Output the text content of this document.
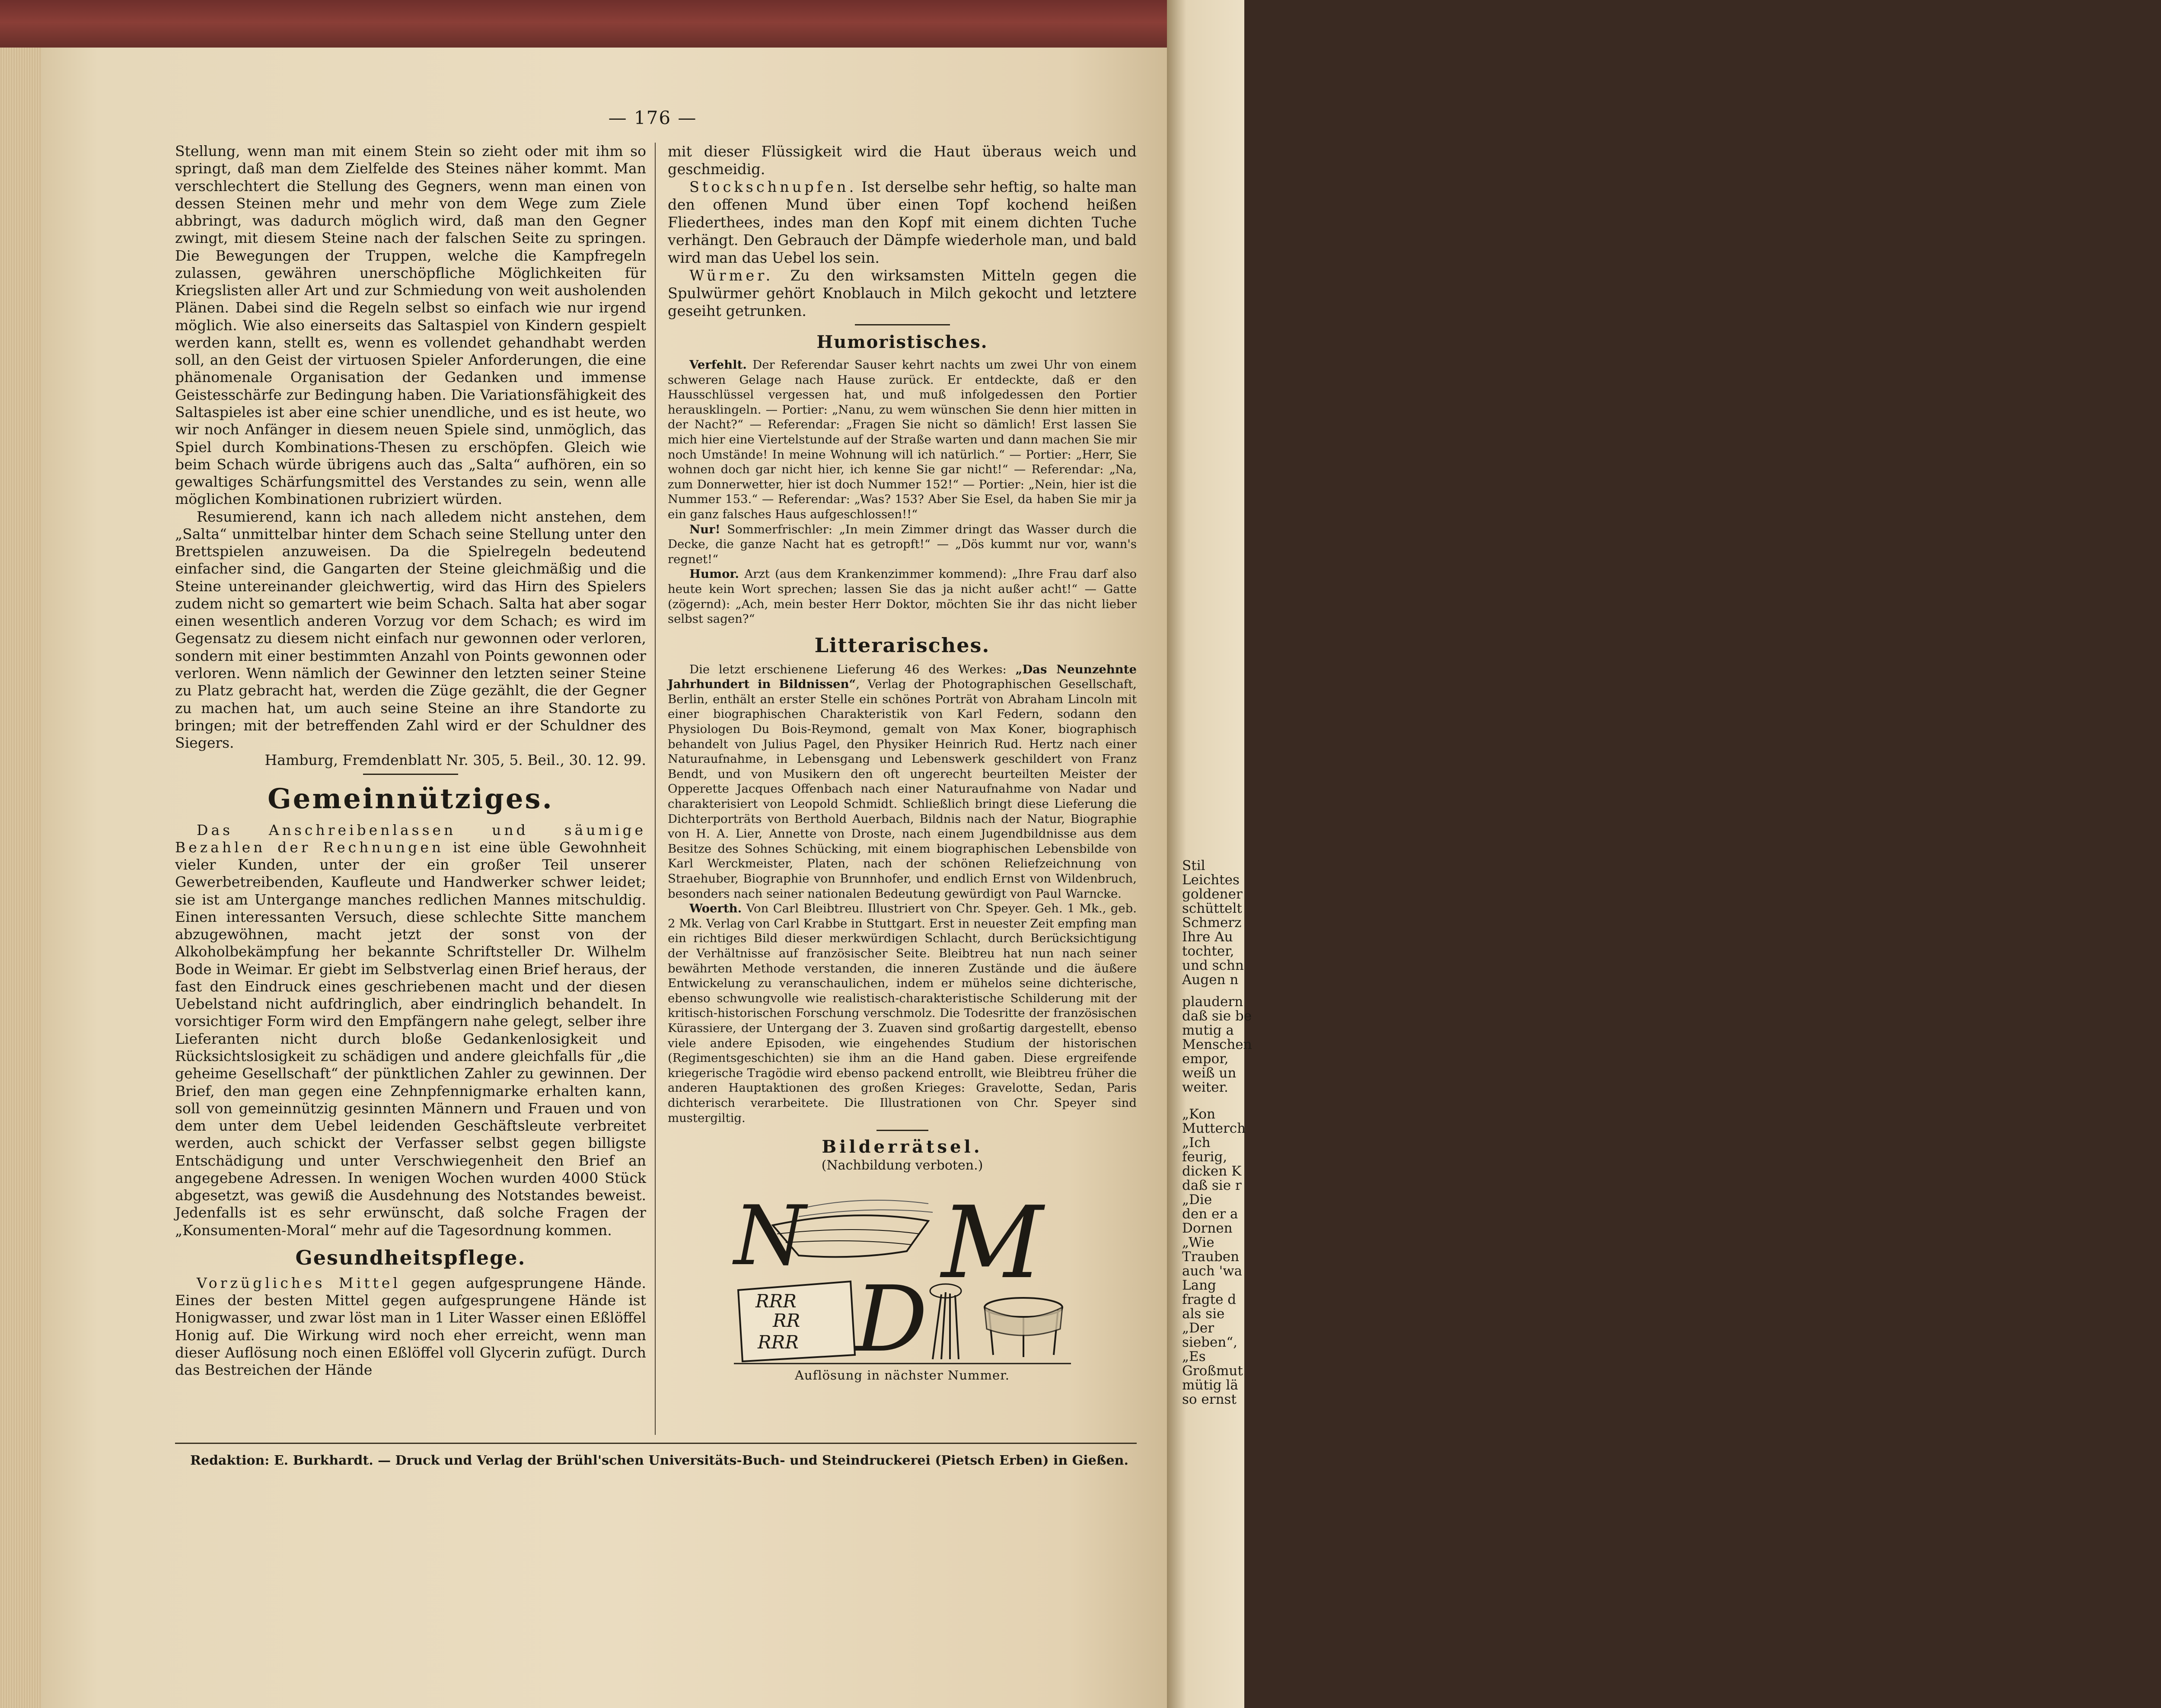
Stil
Leichtes
goldener
schüttelt
Schmerz
Ihre Au
tochter,
und schn
Augen n
plaudern
daß sie be
mutig a
Menschen
empor,
weiß un
weiter.
„Kon
Mutterch
„Ich
feurig,
dicken K
daß sie r
„Die
den er a
Dornen
„Wie
Trauben
auch 'wa
Lang
fragte d
als sie
„Der
sieben“,
„Es
Großmut
mütig lä
so ernst
— 176 —

Stellung, wenn man mit einem Stein so zieht oder mit ihm so springt, daß man dem Zielfelde des Steines näher kommt. Man verschlechtert die Stellung des Gegners, wenn man einen von dessen Steinen mehr und mehr von dem Wege zum Ziele abbringt, was dadurch möglich wird, daß man den Gegner zwingt, mit diesem Steine nach der falschen Seite zu springen. Die Bewegungen der Truppen, welche die Kampfregeln zulassen, gewähren unerschöpfliche Möglichkeiten für Kriegslisten aller Art und zur Schmiedung von weit ausholenden Plänen. Dabei sind die Regeln selbst so einfach wie nur irgend möglich. Wie also einerseits das Saltaspiel von Kindern gespielt werden kann, stellt es, wenn es vollendet gehandhabt werden soll, an den Geist der virtuosen Spieler Anforderungen, die eine phänomenale Organisation der Gedanken und immense Geistesschärfe zur Bedingung haben. Die Variationsfähigkeit des Saltaspieles ist aber eine schier unendliche, und es ist heute, wo wir noch Anfänger in diesem neuen Spiele sind, unmöglich, das Spiel durch Kombinations-Thesen zu erschöpfen. Gleich wie beim Schach würde übrigens auch das „Salta“ aufhören, ein so gewaltiges Schärfungsmittel des Verstandes zu sein, wenn alle möglichen Kombinationen rubriziert würden.

Resumierend, kann ich nach alledem nicht anstehen, dem „Salta“ unmittelbar hinter dem Schach seine Stellung unter den Brettspielen anzuweisen. Da die Spielregeln bedeutend einfacher sind, die Gangarten der Steine gleichmäßig und die Steine untereinander gleichwertig, wird das Hirn des Spielers zudem nicht so gemartert wie beim Schach. Salta hat aber sogar einen wesentlich anderen Vorzug vor dem Schach; es wird im Gegensatz zu diesem nicht einfach nur gewonnen oder verloren, sondern mit einer bestimmten Anzahl von Points gewonnen oder verloren. Wenn nämlich der Gewinner den letzten seiner Steine zu Platz gebracht hat, werden die Züge gezählt, die der Gegner zu machen hat, um auch seine Steine an ihre Standorte zu bringen; mit der betreffenden Zahl wird er der Schuldner des Siegers.

Hamburg, Fremdenblatt Nr. 305, 5. Beil., 30. 12. 99.

Gemeinnütziges.

Das Anschreibenlassen und säumige Bezahlen der Rechnungen ist eine üble Gewohnheit vieler Kunden, unter der ein großer Teil unserer Gewerbetreibenden, Kaufleute und Handwerker schwer leidet; sie ist am Untergange manches redlichen Mannes mitschuldig. Einen interessanten Versuch, diese schlechte Sitte manchem abzugewöhnen, macht jetzt der sonst von der Alkoholbekämpfung her bekannte Schriftsteller Dr. Wilhelm Bode in Weimar. Er giebt im Selbstverlag einen Brief heraus, der fast den Eindruck eines geschriebenen macht und der diesen Uebelstand nicht aufdringlich, aber eindringlich behandelt. In vorsichtiger Form wird den Empfängern nahe gelegt, selber ihre Lieferanten nicht durch bloße Gedankenlosigkeit und Rücksichtslosigkeit zu schädigen und andere gleichfalls für „die geheime Gesellschaft“ der pünktlichen Zahler zu gewinnen. Der Brief, den man gegen eine Zehnpfennigmarke erhalten kann, soll von gemeinnützig gesinnten Männern und Frauen und von dem unter dem Uebel leidenden Geschäftsleute verbreitet werden, auch schickt der Verfasser selbst gegen billigste Entschädigung und unter Verschwiegenheit den Brief an angegebene Adressen. In wenigen Wochen wurden 4000 Stück abgesetzt, was gewiß die Ausdehnung des Notstandes beweist. Jedenfalls ist es sehr erwünscht, daß solche Fragen der „Konsumenten-Moral“ mehr auf die Tagesordnung kommen.

Gesundheitspflege.

Vorzügliches Mittel gegen aufgesprungene Hände. Eines der besten Mittel gegen aufgesprungene Hände ist Honigwasser, und zwar löst man in 1 Liter Wasser einen Eßlöffel Honig auf. Die Wirkung wird noch eher erreicht, wenn man dieser Auflösung noch einen Eßlöffel voll Glycerin zufügt. Durch das Bestreichen der Hände

mit dieser Flüssigkeit wird die Haut überaus weich und geschmeidig.

Stockschnupfen. Ist derselbe sehr heftig, so halte man den offenen Mund über einen Topf kochend heißen Fliederthees, indes man den Kopf mit einem dichten Tuche verhängt. Den Gebrauch der Dämpfe wiederhole man, und bald wird man das Uebel los sein.

Würmer. Zu den wirksamsten Mitteln gegen die Spulwürmer gehört Knoblauch in Milch gekocht und letztere geseiht getrunken.

Humoristisches.

Verfehlt. Der Referendar Sauser kehrt nachts um zwei Uhr von einem schweren Gelage nach Hause zurück. Er entdeckte, daß er den Hausschlüssel vergessen hat, und muß infolgedessen den Portier herausklingeln. — Portier: „Nanu, zu wem wünschen Sie denn hier mitten in der Nacht?“ — Referendar: „Fragen Sie nicht so dämlich! Erst lassen Sie mich hier eine Viertelstunde auf der Straße warten und dann machen Sie mir noch Umstände! In meine Wohnung will ich natürlich.“ — Portier: „Herr, Sie wohnen doch gar nicht hier, ich kenne Sie gar nicht!“ — Referendar: „Na, zum Donnerwetter, hier ist doch Nummer 152!“ — Portier: „Nein, hier ist die Nummer 153.“ — Referendar: „Was? 153? Aber Sie Esel, da haben Sie mir ja ein ganz falsches Haus aufgeschlossen!!“

Nur! Sommerfrischler: „In mein Zimmer dringt das Wasser durch die Decke, die ganze Nacht hat es getropft!“ — „Dös kummt nur vor, wann's regnet!“

Humor. Arzt (aus dem Krankenzimmer kommend): „Ihre Frau darf also heute kein Wort sprechen; lassen Sie das ja nicht außer acht!“ — Gatte (zögernd): „Ach, mein bester Herr Doktor, möchten Sie ihr das nicht lieber selbst sagen?“

Litterarisches.

Die letzt erschienene Lieferung 46 des Werkes: „Das Neunzehnte Jahrhundert in Bildnissen“, Verlag der Photographischen Gesellschaft, Berlin, enthält an erster Stelle ein schönes Porträt von Abraham Lincoln mit einer biographischen Charakteristik von Karl Federn, sodann den Physiologen Du Bois-Reymond, gemalt von Max Koner, biographisch behandelt von Julius Pagel, den Physiker Heinrich Rud. Hertz nach einer Naturaufnahme, in Lebensgang und Lebenswerk geschildert von Franz Bendt, und von Musikern den oft ungerecht beurteilten Meister der Opperette Jacques Offenbach nach einer Naturaufnahme von Nadar und charakterisiert von Leopold Schmidt. Schließlich bringt diese Lieferung die Dichterporträts von Berthold Auerbach, Bildnis nach der Natur, Biographie von H. A. Lier, Annette von Droste, nach einem Jugendbildnisse aus dem Besitze des Sohnes Schücking, mit einem biographischen Lebensbilde von Karl Werckmeister, Platen, nach der schönen Reliefzeichnung von Straehuber, Biographie von Brunnhofer, und endlich Ernst von Wildenbruch, besonders nach seiner nationalen Bedeutung gewürdigt von Paul Warncke.

Woerth. Von Carl Bleibtreu. Illustriert von Chr. Speyer. Geh. 1 Mk., geb. 2 Mk. Verlag von Carl Krabbe in Stuttgart. Erst in neuester Zeit empfing man ein richtiges Bild dieser merkwürdigen Schlacht, durch Berücksichtigung der Verhältnisse auf französischer Seite. Bleibtreu hat nun nach seiner bewährten Methode verstanden, die inneren Zustände und die äußere Entwickelung zu veranschaulichen, indem er mühelos seine dichterische, ebenso schwungvolle wie realistisch-charakteristische Schilderung mit der kritisch-historischen Forschung verschmolz. Die Todesritte der französischen Kürassiere, der Untergang der 3. Zuaven sind großartig dargestellt, ebenso viele andere Episoden, wie eingehendes Studium der historischen (Regimentsgeschichten) sie ihm an die Hand gaben. Diese ergreifende kriegerische Tragödie wird ebenso packend entrollt, wie Bleibtreu früher die anderen Hauptaktionen des großen Krieges: Gravelotte, Sedan, Paris dichterisch verarbeitete. Die Illustrationen von Chr. Speyer sind mustergiltig.

Bilderrätsel.
(Nachbildung verboten.)
N M
D
RRR
RR
RRR
Auflösung in nächster Nummer.
Redaktion: E. Burkhardt. — Druck und Verlag der Brühl'schen Universitäts-Buch- und Steindruckerei (Pietsch Erben) in Gießen.
